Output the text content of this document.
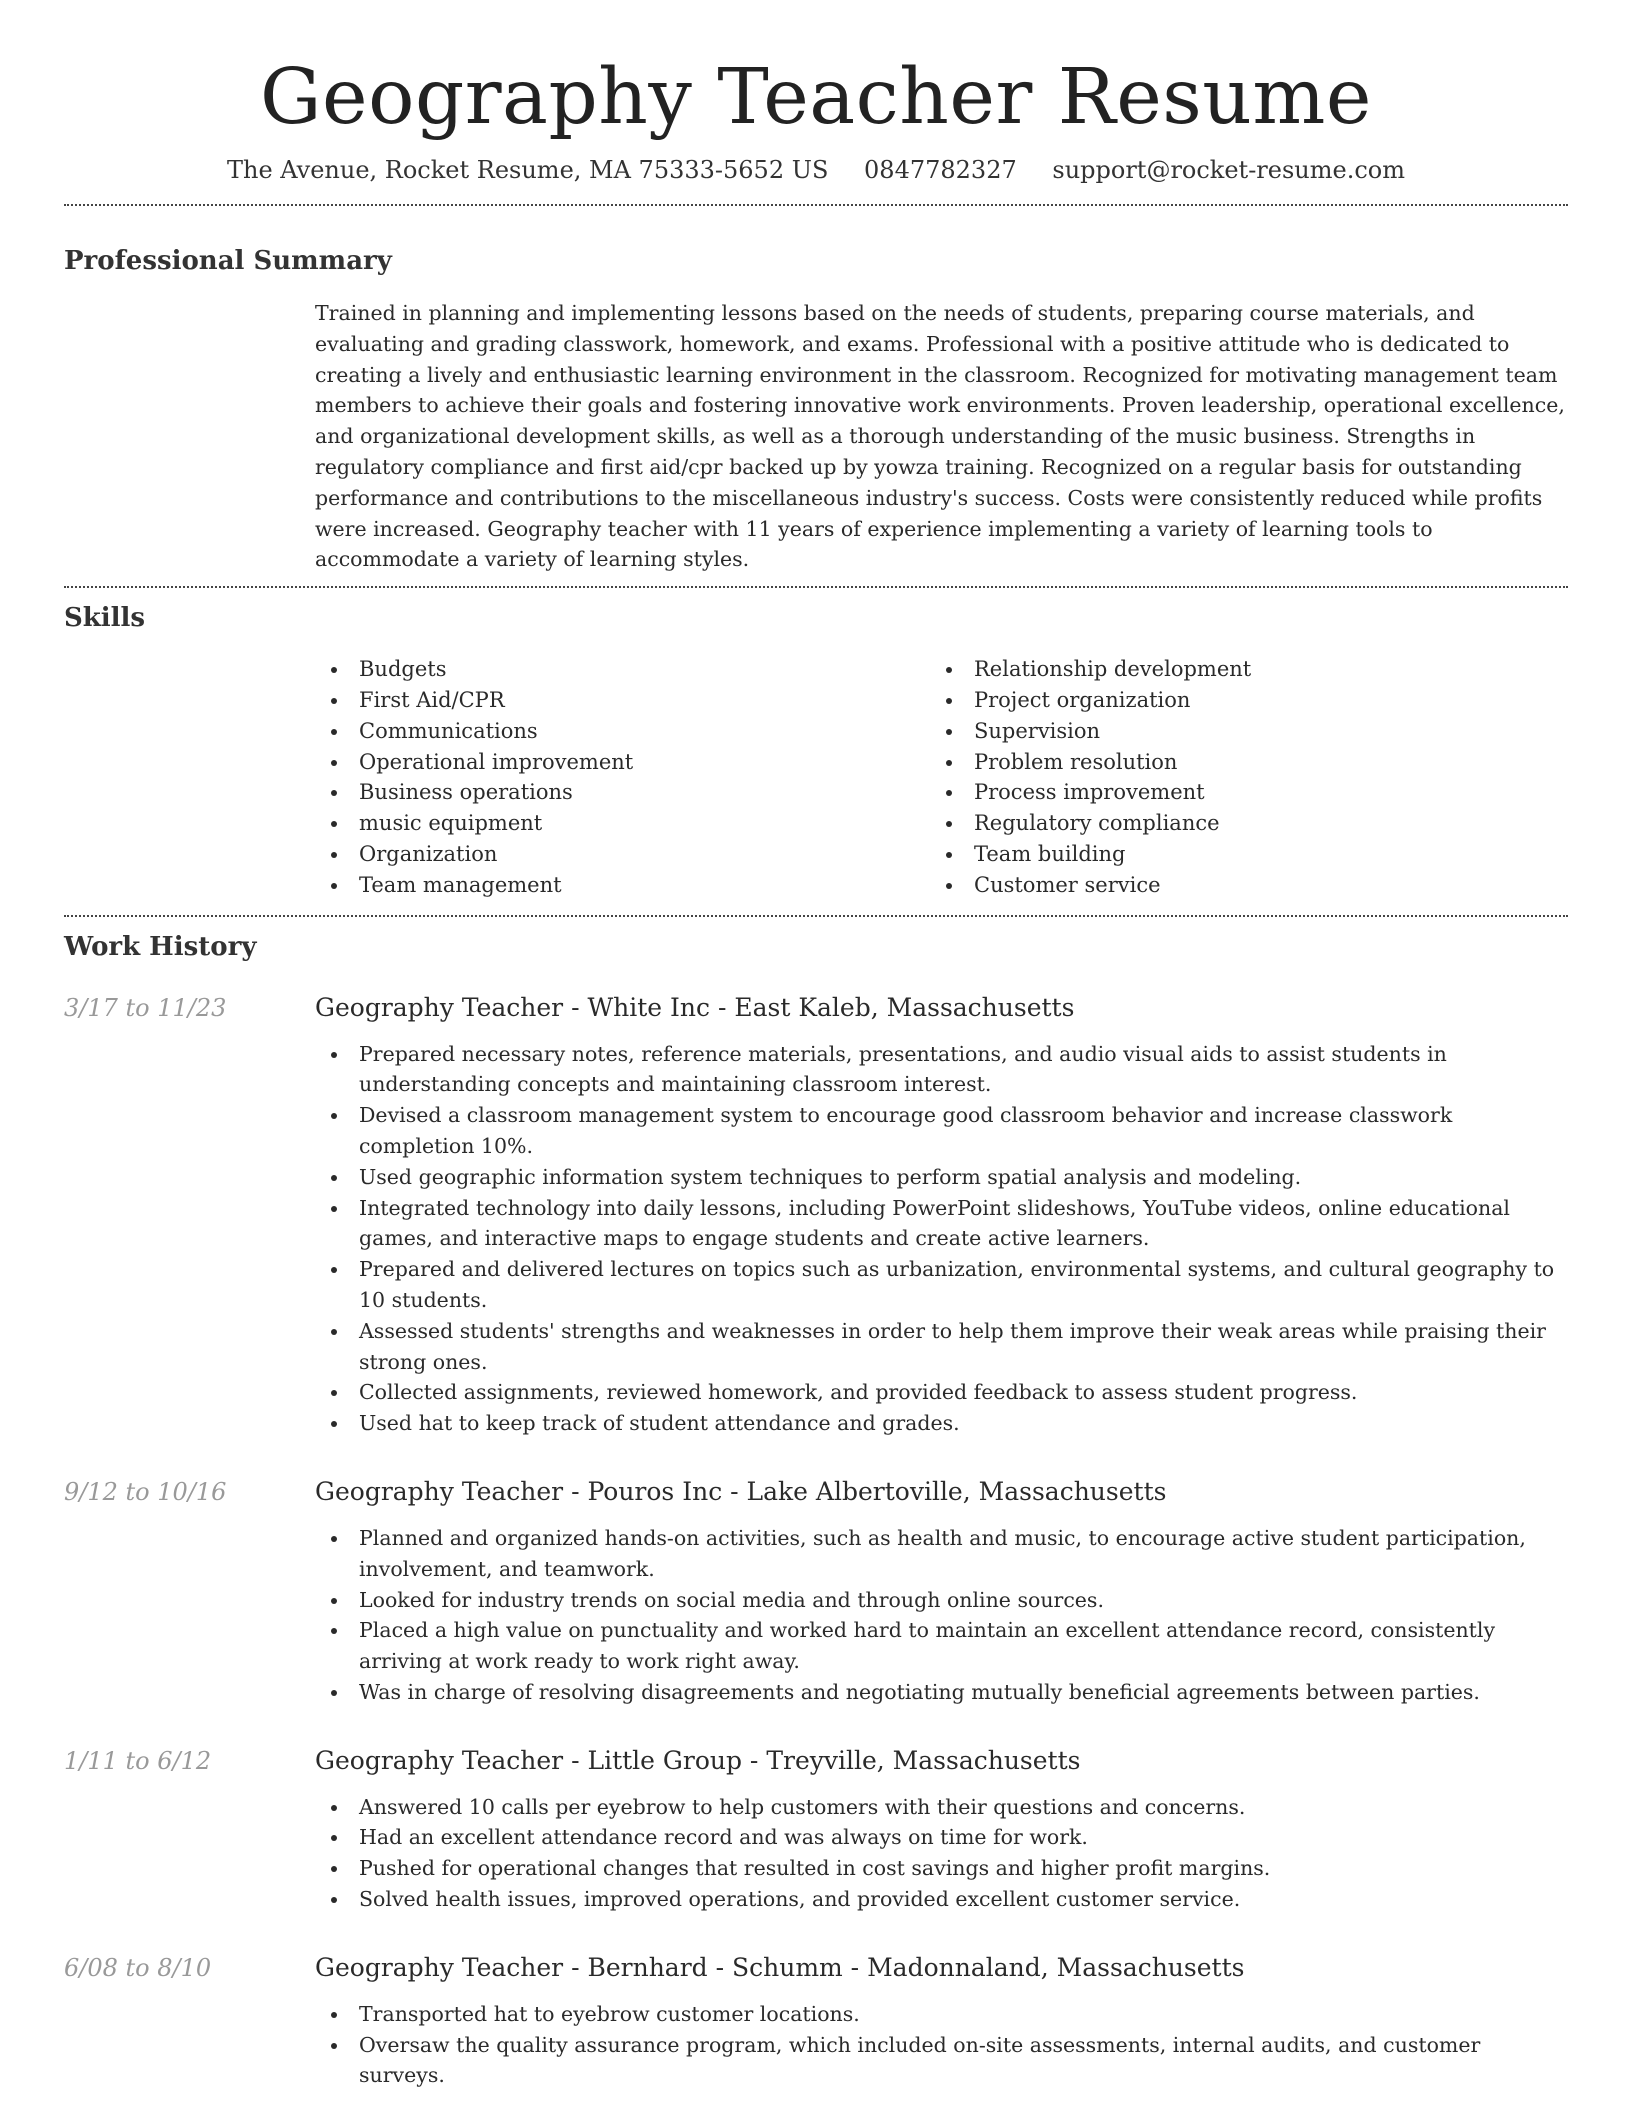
Geography Teacher Resume
The Avenue, Rocket Resume, MA 75333-5652 US 0847782327 support@rocket-resume.com
Professional Summary

Trained in planning and implementing lessons based on the needs of students, preparing course materials, and evaluating and grading classwork, homework, and exams. Professional with a positive attitude who is dedicated to creating a lively and enthusiastic learning environment in the classroom. Recognized for motivating management team members to achieve their goals and fostering innovative work environments. Proven leadership, operational excellence, and organizational development skills, as well as a thorough understanding of the music business. Strengths in regulatory compliance and first aid/cpr backed up by yowza training. Recognized on a regular basis for outstanding performance and contributions to the miscellaneous industry's success. Costs were consistently reduced while profits were increased. Geography teacher with 11 years of experience implementing a variety of learning tools to accommodate a variety of learning styles.

Skills
Budgets
First Aid/CPR
Communications
Operational improvement
Business operations
music equipment
Organization
Team management
Relationship development
Project organization
Supervision
Problem resolution
Process improvement
Regulatory compliance
Team building
Customer service
Work History
3/17 to 11/23	Geography Teacher - White Inc - East Kaleb, Massachusetts
Prepared necessary notes, reference materials, presentations, and audio visual aids to assist students in understanding concepts and maintaining classroom interest.
Devised a classroom management system to encourage good classroom behavior and increase classwork completion 10%.
Used geographic information system techniques to perform spatial analysis and modeling.
Integrated technology into daily lessons, including PowerPoint slideshows, YouTube videos, online educational games, and interactive maps to engage students and create active learners.
Prepared and delivered lectures on topics such as urbanization, environmental systems, and cultural geography to 10 students.
Assessed students' strengths and weaknesses in order to help them improve their weak areas while praising their strong ones.
Collected assignments, reviewed homework, and provided feedback to assess student progress.
Used hat to keep track of student attendance and grades.
9/12 to 10/16	Geography Teacher - Pouros Inc - Lake Albertoville, Massachusetts
Planned and organized hands-on activities, such as health and music, to encourage active student participation, involvement, and teamwork.
Looked for industry trends on social media and through online sources.
Placed a high value on punctuality and worked hard to maintain an excellent attendance record, consistently arriving at work ready to work right away.
Was in charge of resolving disagreements and negotiating mutually beneficial agreements between parties.
1/11 to 6/12	Geography Teacher - Little Group - Treyville, Massachusetts
Answered 10 calls per eyebrow to help customers with their questions and concerns.
Had an excellent attendance record and was always on time for work.
Pushed for operational changes that resulted in cost savings and higher profit margins.
Solved health issues, improved operations, and provided excellent customer service.
6/08 to 8/10	Geography Teacher - Bernhard - Schumm - Madonnaland, Massachusetts
Transported hat to eyebrow customer locations.
Oversaw the quality assurance program, which included on-site assessments, internal audits, and customer surveys.
